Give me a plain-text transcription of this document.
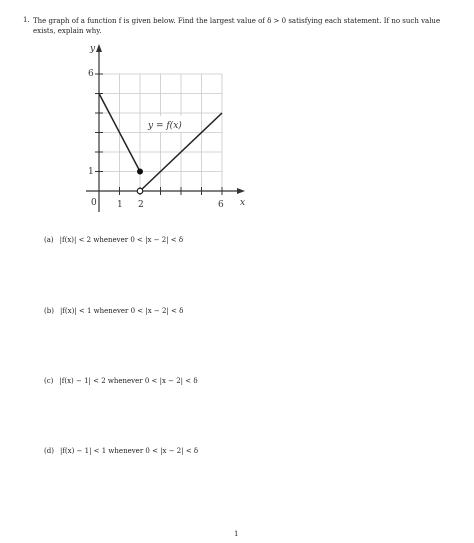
1. The graph of a function f is given below. Find the largest value of δ > 0 satisfying each statement. If no such value
exists, explain why.
y
x
6
1
0 1 2	6
y = f(x)
(a) |f(x)| < 2 whenever 0 < |x − 2| < δ
(b) |f(x)| < 1 whenever 0 < |x − 2| < δ
(c) |f(x) − 1| < 2 whenever 0 < |x − 2| < δ
(d) |f(x) − 1| < 1 whenever 0 < |x − 2| < δ
1
